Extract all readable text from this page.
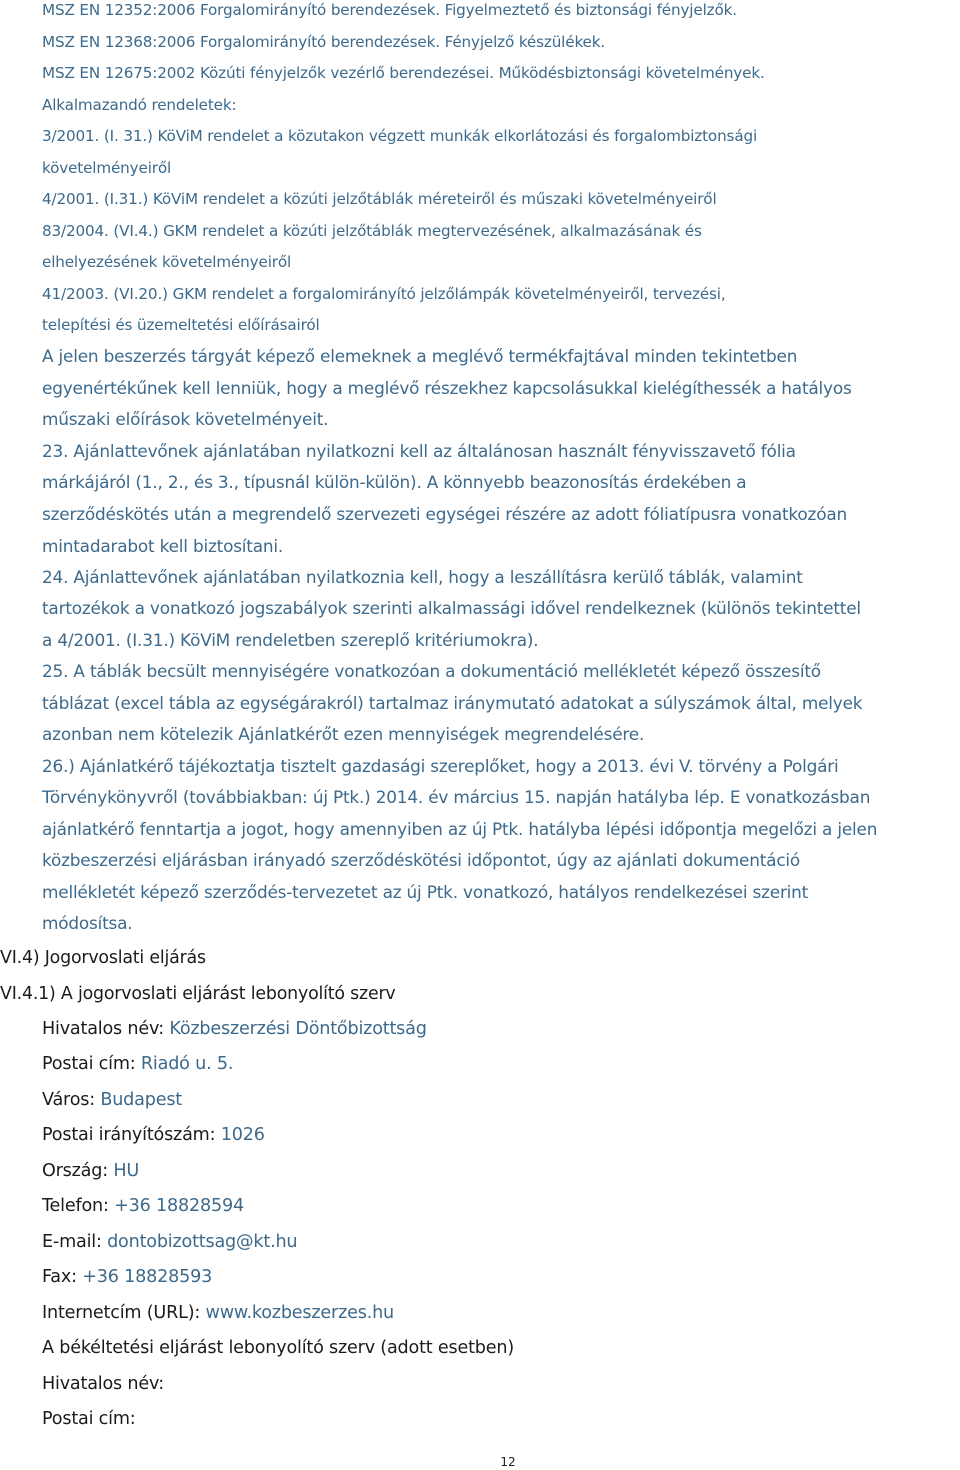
MSZ EN 12352:2006 Forgalomirányító berendezések. Figyelmeztető és biztonsági fényjelzők.

MSZ EN 12368:2006 Forgalomirányító berendezések. Fényjelző készülékek.

MSZ EN 12675:2002 Közúti fényjelzők vezérlő berendezései. Működésbiztonsági követelmények.

Alkalmazandó rendeletek:

3/2001. (I. 31.) KöViM rendelet a közutakon végzett munkák elkorlátozási és forgalombiztonsági

követelményeiről

4/2001. (I.31.) KöViM rendelet a közúti jelzőtáblák méreteiről és műszaki követelményeiről

83/2004. (VI.4.) GKM rendelet a közúti jelzőtáblák megtervezésének, alkalmazásának és

elhelyezésének követelményeiről

41/2003. (VI.20.) GKM rendelet a forgalomirányító jelzőlámpák követelményeiről, tervezési,

telepítési és üzemeltetési előírásairól

A jelen beszerzés tárgyát képező elemeknek a meglévő termékfajtával minden tekintetben

egyenértékűnek kell lenniük, hogy a meglévő részekhez kapcsolásukkal kielégíthessék a hatályos

műszaki előírások követelményeit.

23. Ajánlattevőnek ajánlatában nyilatkozni kell az általánosan használt fényvisszavető fólia

márkájáról (1., 2., és 3., típusnál külön-külön). A könnyebb beazonosítás érdekében a

szerződéskötés után a megrendelő szervezeti egységei részére az adott fóliatípusra vonatkozóan

mintadarabot kell biztosítani.

24. Ajánlattevőnek ajánlatában nyilatkoznia kell, hogy a leszállításra kerülő táblák, valamint

tartozékok a vonatkozó jogszabályok szerinti alkalmassági idővel rendelkeznek (különös tekintettel

a 4/2001. (I.31.) KöViM rendeletben szereplő kritériumokra).

25. A táblák becsült mennyiségére vonatkozóan a dokumentáció mellékletét képező összesítő

táblázat (excel tábla az egységárakról) tartalmaz iránymutató adatokat a súlyszámok által, melyek

azonban nem kötelezik Ajánlatkérőt ezen mennyiségek megrendelésére.

26.) Ajánlatkérő tájékoztatja tisztelt gazdasági szereplőket, hogy a 2013. évi V. törvény a Polgári

Törvénykönyvről (továbbiakban: új Ptk.) 2014. év március 15. napján hatályba lép. E vonatkozásban

ajánlatkérő fenntartja a jogot, hogy amennyiben az új Ptk. hatályba lépési időpontja megelőzi a jelen

közbeszerzési eljárásban irányadó szerződéskötési időpontot, úgy az ajánlati dokumentáció

mellékletét képező szerződés-tervezetet az új Ptk. vonatkozó, hatályos rendelkezései szerint

módosítsa.

VI.4) Jogorvoslati eljárás

VI.4.1) A jogorvoslati eljárást lebonyolító szerv

Hivatalos név: Közbeszerzési Döntőbizottság
Postai cím: Riadó u. 5.
Város: Budapest
Postai irányítószám: 1026
Ország: HU
Telefon: +36 18828594
E-mail: dontobizottsag@kt.hu
Fax: +36 18828593
Internetcím (URL): www.kozbeszerzes.hu
A békéltetési eljárást lebonyolító szerv (adott esetben)
Hivatalos név:
Postai cím:
12
